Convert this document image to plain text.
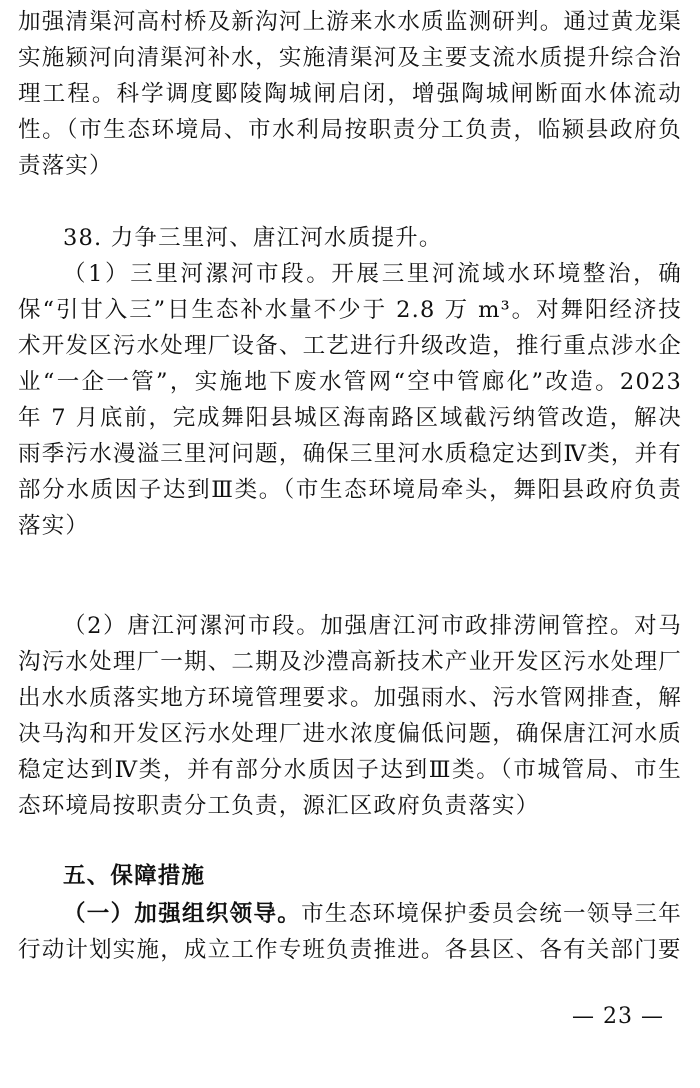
加强清渠河高村桥及新沟河上游来水水质监测研判。通过黄龙渠实施颍河向清渠河补水，实施清渠河及主要支流水质提升综合治理工程。科学调度郾陵陶城闸启闭，增强陶城闸断面水体流动性。（市生态环境局、市水利局按职责分工负责，临颍县政府负责落实）

38. 力争三里河、唐江河水质提升。

（1）三里河漯河市段。开展三里河流域水环境整治，确保“引甘入三”日生态补水量不少于 2.8 万 m³。对舞阳经济技术开发区污水处理厂设备、工艺进行升级改造，推行重点涉水企业“一企一管”，实施地下废水管网“空中管廊化”改造。2023 年 7 月底前，完成舞阳县城区海南路区域截污纳管改造，解决雨季污水漫溢三里河问题，确保三里河水质稳定达到Ⅳ类，并有部分水质因子达到Ⅲ类。（市生态环境局牵头，舞阳县政府负责落实）

（2）唐江河漯河市段。加强唐江河市政排涝闸管控。对马沟污水处理厂一期、二期及沙澧高新技术产业开发区污水处理厂出水水质落实地方环境管理要求。加强雨水、污水管网排查，解决马沟和开发区污水处理厂进水浓度偏低问题，确保唐江河水质稳定达到Ⅳ类，并有部分水质因子达到Ⅲ类。（市城管局、市生态环境局按职责分工负责，源汇区政府负责落实）

五、保障措施

（一）加强组织领导。市生态环境保护委员会统一领导三年行动计划实施，成立工作专班负责推进。各县区、各有关部门要

— 23 —
